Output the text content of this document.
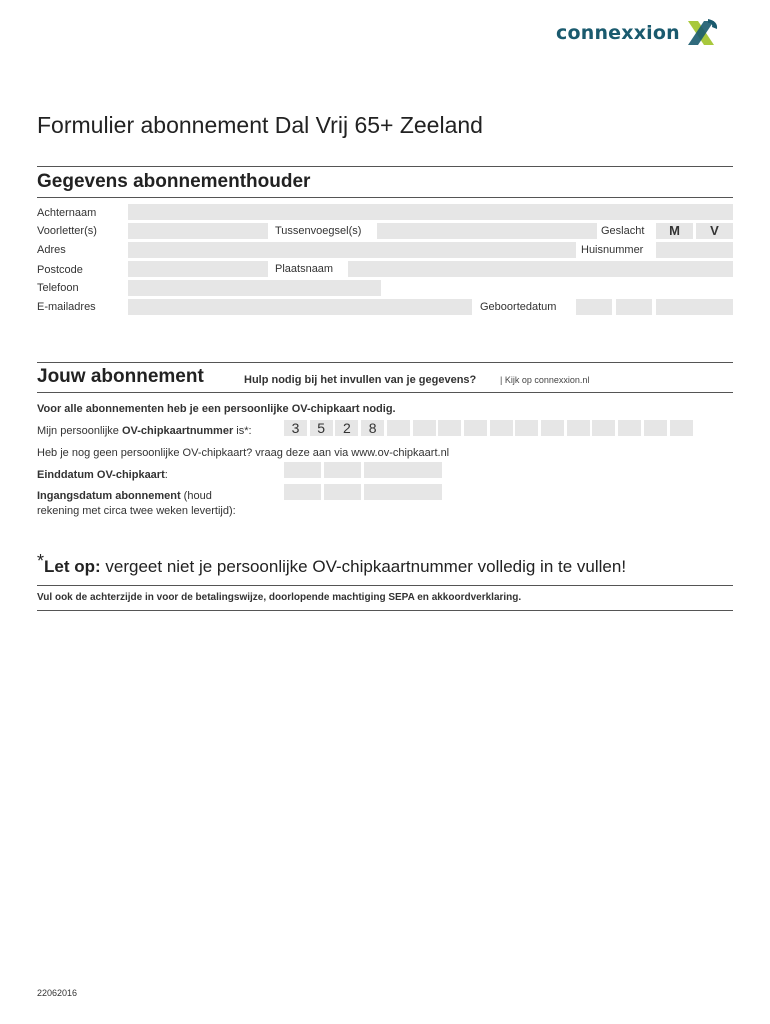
connexxion
Formulier abonnement Dal Vrij 65+ Zeeland
Gegevens abonnementhouder
Achternaam
Voorletter(s)	Tussenvoegsel(s)	Geslacht	M	V
Adres	Huisnummer
Postcode	Plaatsnaam
Telefoon
E-mailadres	Geboortedatum
Jouw abonnement	Hulp nodig bij het invullen van je gegevens?	| Kijk op connexxion.nl
Voor alle abonnementen heb je een persoonlijke OV-chipkaart nodig.
Mijn persoonlijke OV-chipkaartnummer is*:	3	5	2	8
Heb je nog geen persoonlijke OV-chipkaart? vraag deze aan via www.ov-chipkaart.nl
Einddatum OV-chipkaart:
Ingangsdatum abonnement (houd
rekening met circa twee weken levertijd):
*Let op: vergeet niet je persoonlijke OV-chipkaartnummer volledig in te vullen!
Vul ook de achterzijde in voor de betalingswijze, doorlopende machtiging SEPA en akkoordverklaring.
22062016
